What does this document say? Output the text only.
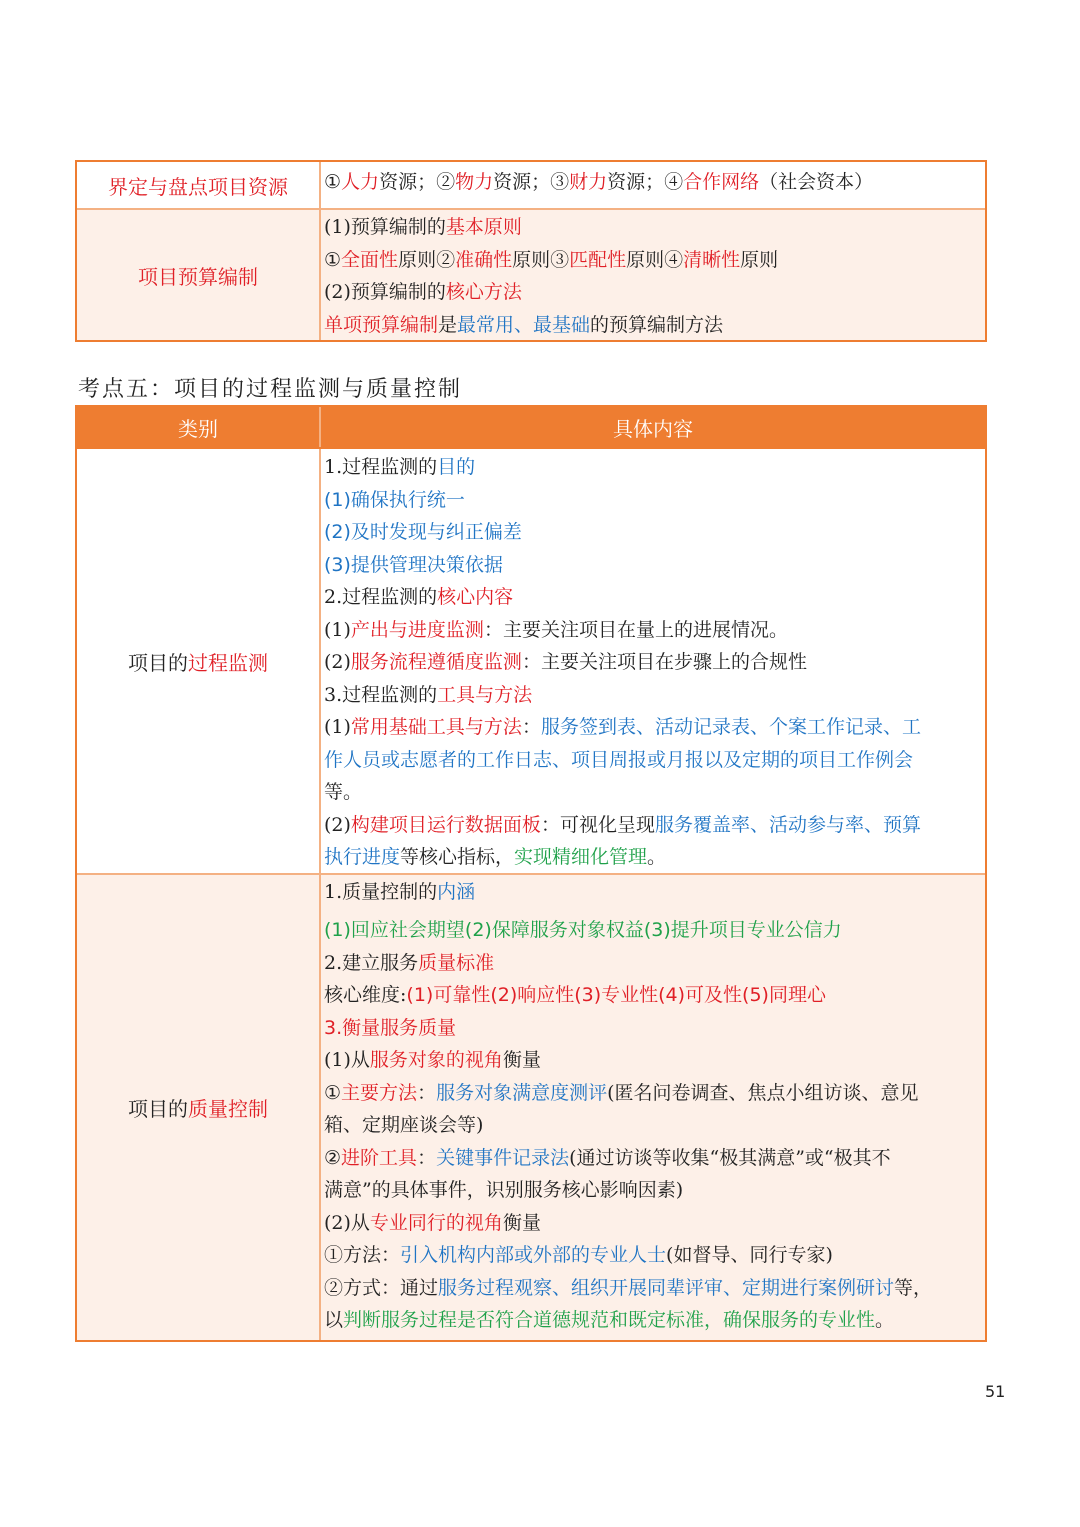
界定与盘点项目资源	①人力资源；②物力资源；③财力资源；④合作网络（社会资本）
项目预算编制
(1)预算编制的基本原则
①全面性原则②准确性原则③匹配性原则④清晰性原则
(2)预算编制的核心方法
单项预算编制是最常用、最基础的预算编制方法
考点五：项目的过程监测与质量控制
类别	具体内容
项目的过程监测
1.过程监测的目的
(1)确保执行统一
(2)及时发现与纠正偏差
(3)提供管理决策依据
2.过程监测的核心内容
(1)产出与进度监测：主要关注项目在量上的进展情况。
(2)服务流程遵循度监测：主要关注项目在步骤上的合规性
3.过程监测的工具与方法
(1)常用基础工具与方法：服务签到表、活动记录表、个案工作记录、工
作人员或志愿者的工作日志、项目周报或月报以及定期的项目工作例会
等。
(2)构建项目运行数据面板：可视化呈现服务覆盖率、活动参与率、预算
执行进度等核心指标，实现精细化管理。
项目的质量控制
1.质量控制的内涵
(1)回应社会期望(2)保障服务对象权益(3)提升项目专业公信力
2.建立服务质量标准
核心维度:(1)可靠性(2)响应性(3)专业性(4)可及性(5)同理心
3.衡量服务质量
(1)从服务对象的视角衡量
①主要方法：服务对象满意度测评(匿名问卷调查、焦点小组访谈、意见
箱、定期座谈会等)
②进阶工具：关键事件记录法(通过访谈等收集“极其满意”或“极其不
满意”的具体事件，识别服务核心影响因素)
(2)从专业同行的视角衡量
①方法：引入机构内部或外部的专业人士(如督导、同行专家)
②方式：通过服务过程观察、组织开展同辈评审、定期进行案例研讨等，
以判断服务过程是否符合道德规范和既定标准，确保服务的专业性。
51
